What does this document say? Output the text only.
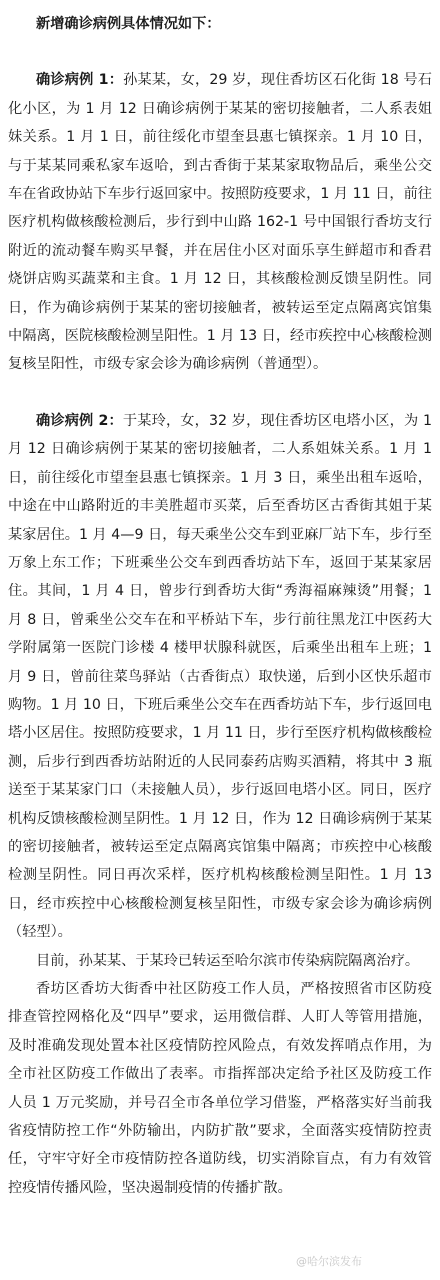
新增确诊病例具体情况如下：

确诊病例 1：孙某某，女，29 岁，现住香坊区石化街 18 号石化小区，为 1 月 12 日确诊病例于某某的密切接触者，二人系表姐妹关系。1 月 1 日，前往绥化市望奎县惠七镇探亲。1 月 10 日，与于某某同乘私家车返哈，到古香街于某某家取物品后，乘坐公交车在省政协站下车步行返回家中。按照防疫要求，1 月 11 日，前往医疗机构做核酸检测后，步行到中山路 162-1 号中国银行香坊支行附近的流动餐车购买早餐，并在居住小区对面乐享生鲜超市和香君烧饼店购买蔬菜和主食。1 月 12 日，其核酸检测反馈呈阴性。同日，作为确诊病例于某某的密切接触者，被转运至定点隔离宾馆集中隔离，医院核酸检测呈阳性。1 月 13 日，经市疾控中心核酸检测复核呈阳性，市级专家会诊为确诊病例（普通型）。

确诊病例 2：于某玲，女，32 岁，现住香坊区电塔小区，为 1 月 12 日确诊病例于某某的密切接触者，二人系姐妹关系。1 月 1 日，前往绥化市望奎县惠七镇探亲。1 月 3 日，乘坐出租车返哈，中途在中山路附近的丰美胜超市买菜，后至香坊区古香街其姐于某某家居住。1 月 4—9 日，每天乘坐公交车到亚麻厂站下车，步行至万象上东工作；下班乘坐公交车到西香坊站下车，返回于某某家居住。其间，1 月 4 日，曾步行到香坊大街“秀海福麻辣烫”用餐；1 月 8 日，曾乘坐公交车在和平桥站下车，步行前往黑龙江中医药大学附属第一医院门诊楼 4 楼甲状腺科就医，后乘坐出租车上班；1 月 9 日，曾前往菜鸟驿站（古香街点）取快递，后到小区快乐超市购物。1 月 10 日，下班后乘坐公交车在西香坊站下车，步行返回电塔小区居住。按照防疫要求，1 月 11 日，步行至医疗机构做核酸检测，后步行到西香坊站附近的人民同泰药店购买酒精，将其中 3 瓶送至于某某家门口（未接触人员），步行返回电塔小区。同日，医疗机构反馈核酸检测呈阴性。1 月 12 日，作为 12 日确诊病例于某某的密切接触者，被转运至定点隔离宾馆集中隔离；市疾控中心核酸检测呈阴性。同日再次采样，医疗机构核酸检测呈阳性。1 月 13 日，经市疾控中心核酸检测复核呈阳性，市级专家会诊为确诊病例（轻型）。

目前，孙某某、于某玲已转运至哈尔滨市传染病院隔离治疗。

香坊区香坊大街香中社区防疫工作人员，严格按照省市区防疫排查管控网格化及“四早”要求，运用微信群、人盯人等管用措施，及时准确发现处置本社区疫情防控风险点，有效发挥哨点作用，为全市社区防疫工作做出了表率。市指挥部决定给予社区及防疫工作人员 1 万元奖励，并号召全市各单位学习借鉴，严格落实好当前我省疫情防控工作“外防输出，内防扩散”要求，全面落实疫情防控责任，守牢守好全市疫情防控各道防线，切实消除盲点，有力有效管控疫情传播风险，坚决遏制疫情的传播扩散。

@哈尔滨发布
